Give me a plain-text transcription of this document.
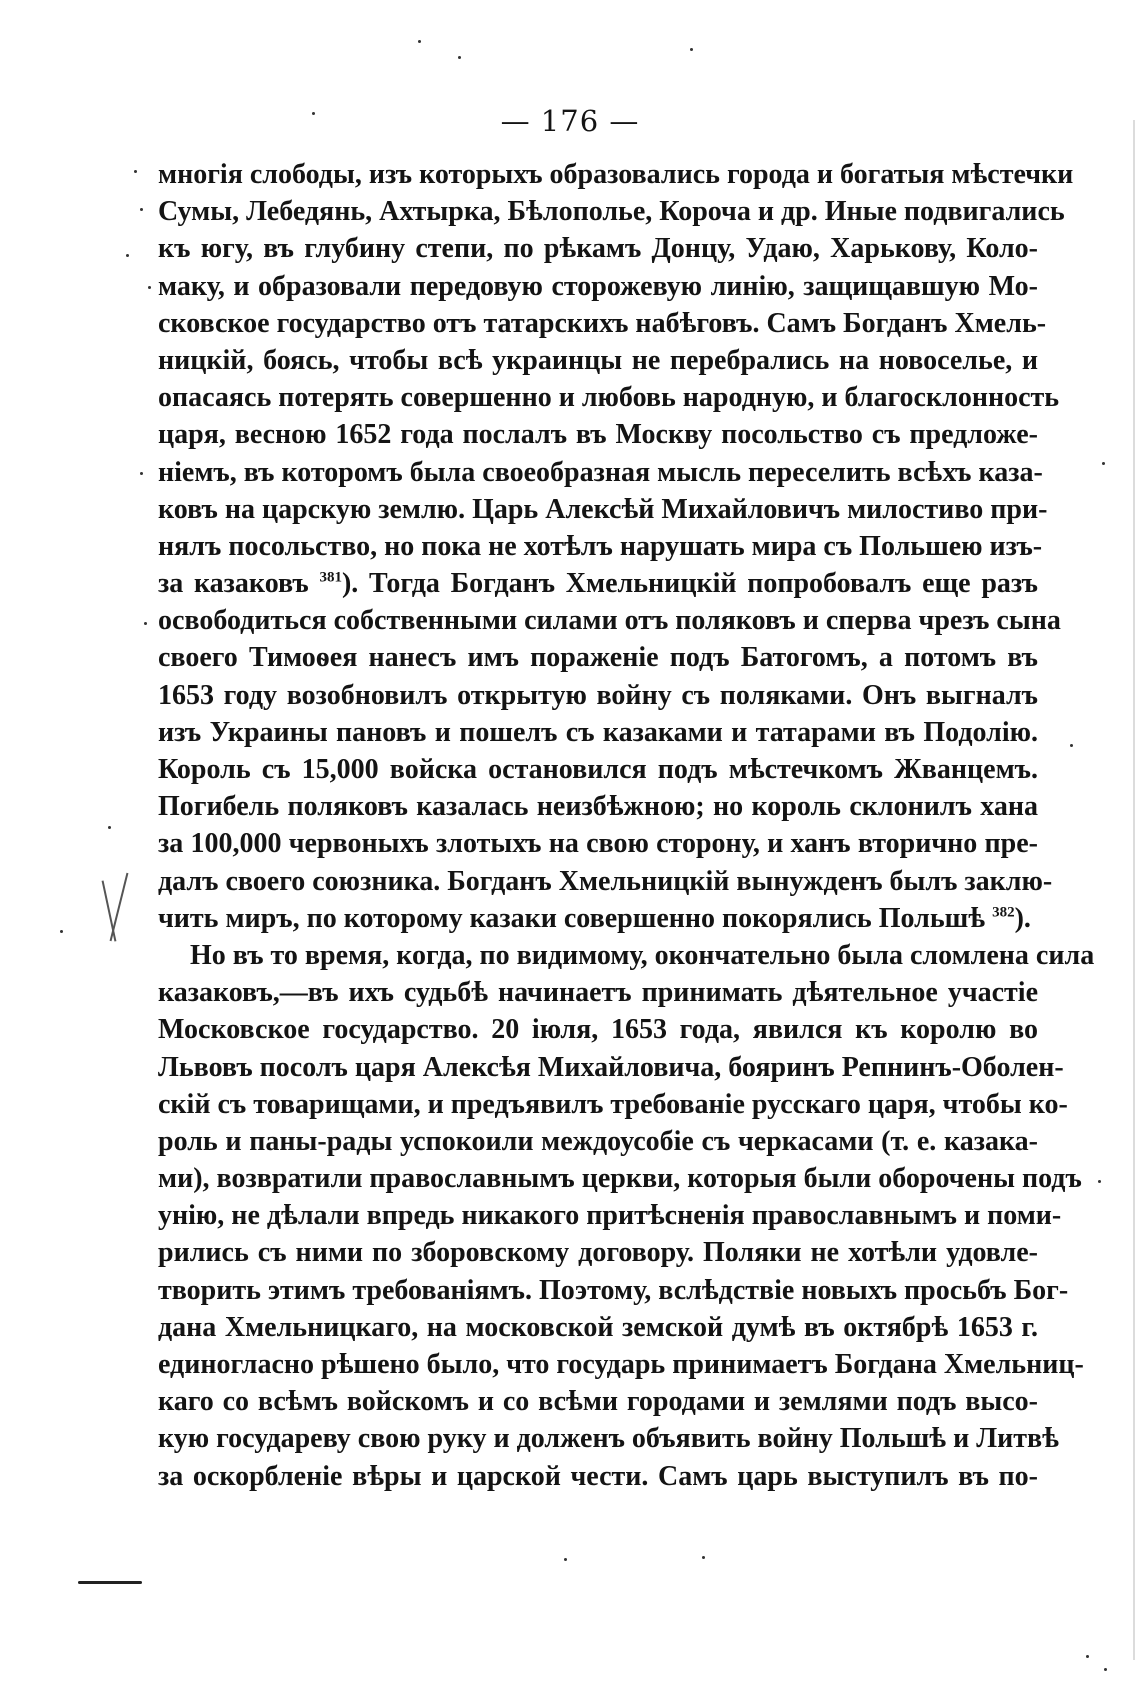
— 176 —
многія слободы, изъ которыхъ образовались города и богатыя мѣстечки
Сумы, Лебедянь, Ахтырка, Бѣлополье, Короча и др. Иные подвигались
къ югу, въ глубину степи, по рѣкамъ Донцу, Удаю, Харькову, Коло-
маку, и образовали передовую сторожевую линію, защищавшую Мо-
сковское государство отъ татарскихъ набѣговъ. Самъ Богданъ Хмель-
ницкій, боясь, чтобы всѣ украинцы не перебрались на новоселье, и
опасаясь потерять совершенно и любовь народную, и благосклонность
царя, весною 1652 года послалъ въ Москву посольство съ предложе-
ніемъ, въ которомъ была своеобразная мысль переселить всѣхъ каза-
ковъ на царскую землю. Царь Алексѣй Михайловичъ милостиво при-
нялъ посольство, но пока не хотѣлъ нарушать мира съ Польшею изъ-
за казаковъ $^{381}$). Тогда Богданъ Хмельницкій попробовалъ еще разъ
освободиться собственными силами отъ поляковъ и сперва чрезъ сына
своего Тимоѳея нанесъ имъ пораженіе подъ Батогомъ, а потомъ въ
1653 году возобновилъ открытую войну съ поляками. Онъ выгналъ
изъ Украины пановъ и пошелъ съ казаками и татарами въ Подолію.
Король съ 15,000 войска остановился подъ мѣстечкомъ Жванцемъ.
Погибель поляковъ казалась неизбѣжною; но король склонилъ хана
за 100,000 червоныхъ злотыхъ на свою сторону, и ханъ вторично пре-
далъ своего союзника. Богданъ Хмельницкій вынужденъ былъ заклю-
чить миръ, по которому казаки совершенно покорялись Польшѣ $^{382}$).
Но въ то время, когда, по видимому, окончательно была сломлена сила
казаковъ,—въ ихъ судьбѣ начинаетъ принимать дѣятельное участіе
Московское государство. 20 іюля, 1653 года, явился къ королю во
Львовъ посолъ царя Алексѣя Михайловича, бояринъ Репнинъ-Оболен-
скій съ товарищами, и предъявилъ требованіе русскаго царя, чтобы ко-
роль и паны-рады успокоили междоусобіе съ черкасами (т. е. казака-
ми), возвратили православнымъ церкви, которыя были оборочены подъ
унію, не дѣлали впредь никакого притѣсненія православнымъ и поми-
рились съ ними по зборовскому договору. Поляки не хотѣли удовле-
творить этимъ требованіямъ. Поэтому, вслѣдствіе новыхъ просьбъ Бог-
дана Хмельницкаго, на московской земской думѣ въ октябрѣ 1653 г.
единогласно рѣшено было, что государь принимаетъ Богдана Хмельниц-
каго со всѣмъ войскомъ и со всѣми городами и землями подъ высо-
кую государеву свою руку и долженъ объявить войну Польшѣ и Литвѣ
за оскорбленіе вѣры и царской чести. Самъ царь выступилъ въ по-
